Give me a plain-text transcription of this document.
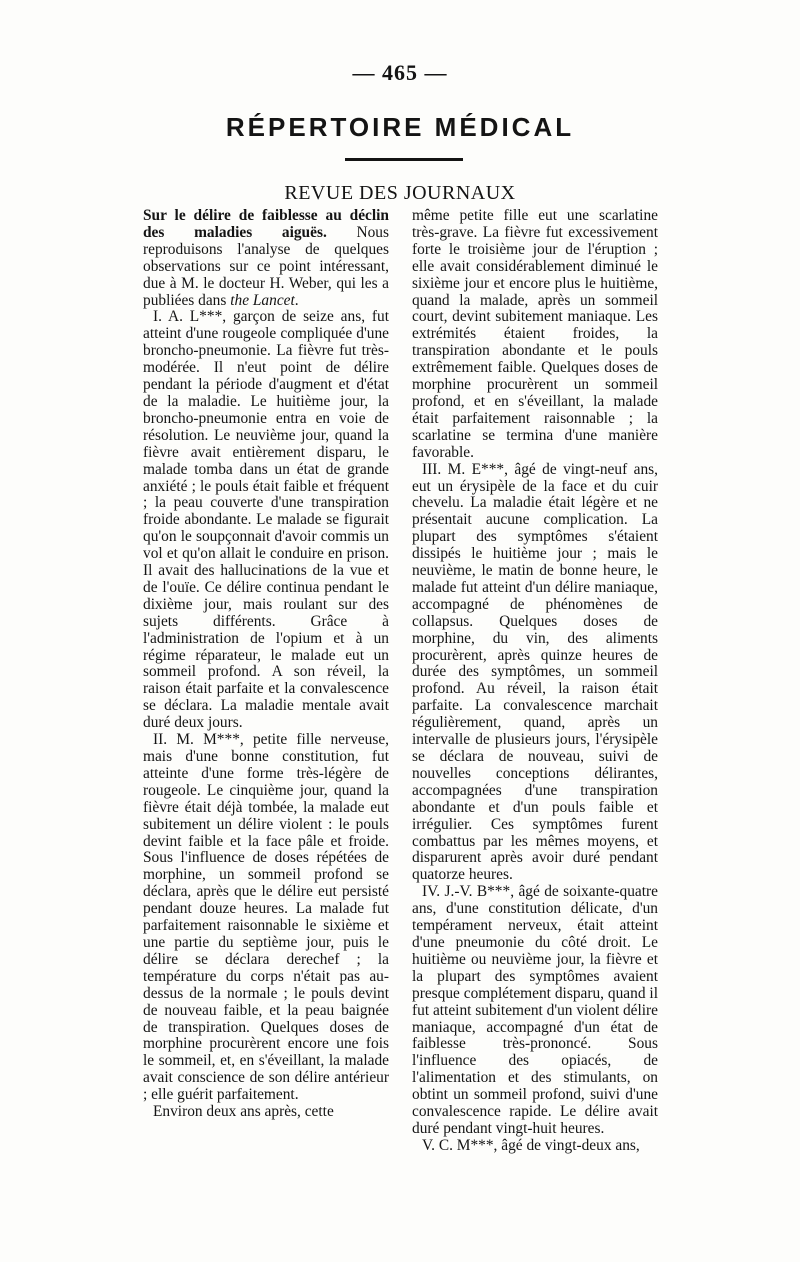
— 465 —
RÉPERTOIRE MÉDICAL
REVUE DES JOURNAUX

Sur le délire de faiblesse au déclin des maladies aiguës. Nous reproduisons l'analyse de quelques observations sur ce point intéressant, due à M. le docteur H. Weber, qui les a publiées dans the Lancet.

I. A. L***, garçon de seize ans, fut atteint d'une rougeole compliquée d'une broncho-pneumonie. La fièvre fut très-modérée. Il n'eut point de délire pendant la période d'augment et d'état de la maladie. Le huitième jour, la broncho-pneumonie entra en voie de résolution. Le neuvième jour, quand la fièvre avait entièrement disparu, le malade tomba dans un état de grande anxiété ; le pouls était faible et fréquent ; la peau couverte d'une transpiration froide abondante. Le malade se figurait qu'on le soupçonnait d'avoir commis un vol et qu'on allait le conduire en prison. Il avait des hallucinations de la vue et de l'ouïe. Ce délire continua pendant le dixième jour, mais roulant sur des sujets différents. Grâce à l'administration de l'opium et à un régime réparateur, le malade eut un sommeil profond. A son réveil, la raison était parfaite et la convalescence se déclara. La maladie mentale avait duré deux jours.

II. M. M***, petite fille nerveuse, mais d'une bonne constitution, fut atteinte d'une forme très-légère de rougeole. Le cinquième jour, quand la fièvre était déjà tombée, la malade eut subitement un délire violent : le pouls devint faible et la face pâle et froide. Sous l'influence de doses répétées de morphine, un sommeil profond se déclara, après que le délire eut persisté pendant douze heures. La malade fut parfaitement raisonnable le sixième et une partie du septième jour, puis le délire se déclara derechef ; la température du corps n'était pas au-dessus de la normale ; le pouls devint de nouveau faible, et la peau baignée de transpiration. Quelques doses de morphine procurèrent encore une fois le sommeil, et, en s'éveillant, la malade avait conscience de son délire antérieur ; elle guérit parfaitement.

Environ deux ans après, cette

même petite fille eut une scarlatine très-grave. La fièvre fut excessivement forte le troisième jour de l'éruption ; elle avait considérablement diminué le sixième jour et encore plus le huitième, quand la malade, après un sommeil court, devint subitement maniaque. Les extrémités étaient froides, la transpiration abondante et le pouls extrêmement faible. Quelques doses de morphine procurèrent un sommeil profond, et en s'éveillant, la malade était parfaitement raisonnable ; la scarlatine se termina d'une manière favorable.

III. M. E***, âgé de vingt-neuf ans, eut un érysipèle de la face et du cuir chevelu. La maladie était légère et ne présentait aucune complication. La plupart des symptômes s'étaient dissipés le huitième jour ; mais le neuvième, le matin de bonne heure, le malade fut atteint d'un délire maniaque, accompagné de phénomènes de collapsus. Quelques doses de morphine, du vin, des aliments procurèrent, après quinze heures de durée des symptômes, un sommeil profond. Au réveil, la raison était parfaite. La convalescence marchait régulièrement, quand, après un intervalle de plusieurs jours, l'érysipèle se déclara de nouveau, suivi de nouvelles conceptions délirantes, accompagnées d'une transpiration abondante et d'un pouls faible et irrégulier. Ces symptômes furent combattus par les mêmes moyens, et disparurent après avoir duré pendant quatorze heures.

IV. J.-V. B***, âgé de soixante-quatre ans, d'une constitution délicate, d'un tempérament nerveux, était atteint d'une pneumonie du côté droit. Le huitième ou neuvième jour, la fièvre et la plupart des symptômes avaient presque complétement disparu, quand il fut atteint subitement d'un violent délire maniaque, accompagné d'un état de faiblesse très-prononcé. Sous l'influence des opiacés, de l'alimentation et des stimulants, on obtint un sommeil profond, suivi d'une convalescence rapide. Le délire avait duré pendant vingt-huit heures.

V. C. M***, âgé de vingt-deux ans,
